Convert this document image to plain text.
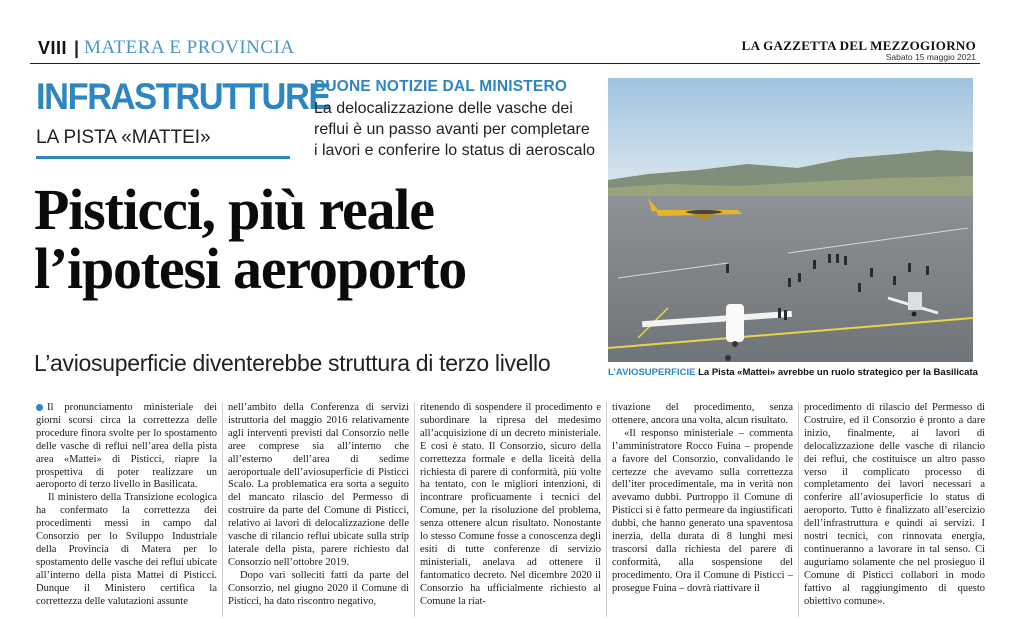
VIII | MATERA E PROVINCIA	LA GAZZETTA DEL MEZZOGIORNO
Sabato 15 maggio 2021
INFRASTRUTTURE
LA PISTA «MATTEI»
BUONE NOTIZIE DAL MINISTERO
La delocalizzazione delle vasche dei
reflui è un passo avanti per completare
i lavori e conferire lo status di aeroscalo
Pisticci, più reale
l’ipotesi aeroporto
L’aviosuperficie diventerebbe struttura di terzo livello	L’AVIOSUPERFICIE La Pista «Mattei» avrebbe un ruolo strategico per la Basilicata

Il pronunciamento ministeriale dei giorni scorsi circa la correttezza delle procedure finora svolte per lo spostamento delle vasche di reflui nell’area della pista area «Mattei» di Pisticci, riapre la prospettiva di poter realizzare un aeroporto di terzo livello in Basilicata.

Il ministero della Transizione ecologica ha confermato la correttezza dei procedimenti messi in campo dal Consorzio per lo Sviluppo Industriale della Provincia di Matera per lo spostamento delle vasche dei reflui ubicate all’interno della pista Mattei di Pisticci. Dunque il Ministero certifica la correttezza delle valutazioni assunte

nell’ambito della Conferenza di servizi istruttoria del maggio 2016 relativamente agli interventi previsti dal Consorzio nelle aree comprese sia all’interno che all’esterno dell’area di sedime aeroportuale dell’aviosuperficie di Pisticci Scalo. La problematica era sorta a seguito del mancato rilascio del Permesso di costruire da parte del Comune di Pisticci, relativo ai lavori di delocalizzazione delle vasche di rilancio reflui ubicate sulla strip laterale della pista, parere richiesto dal Consorzio nell’ottobre 2019.

Dopo vari solleciti fatti da parte del Consorzio, nel giugno 2020 il Comune di Pisticci, ha dato riscontro negativo,

ritenendo di sospendere il procedimento e subordinare la ripresa del medesimo all’acquisizione di un decreto ministeriale. E così è stato. Il Consorzio, sicuro della correttezza formale e della liceità della richiesta di parere di conformità, più volte ha tentato, con le migliori intenzioni, di incontrare proficuamente i tecnici del Comune, per la risoluzione del problema, senza ottenere alcun risultato. Nonostante lo stesso Comune fosse a conoscenza degli esiti di tutte conferenze di servizio ministeriali, anelava ad ottenere il fantomatico decreto. Nel dicembre 2020 il Consorzio ha ufficialmente richiesto al Comune la riat-

tivazione del procedimento, senza ottenere, ancora una volta, alcun risultato.

«Il responso ministeriale – commenta l’amministratore Rocco Fuina – propende a favore del Consorzio, convalidando le certezze che avevamo sulla correttezza dell’iter procedimentale, ma in verità non avevamo dubbi. Purtroppo il Comune di Pisticci si è fatto permeare da ingiustificati dubbi, che hanno generato una spaventosa inerzia, della durata di 8 lunghi mesi trascorsi dalla richiesta del parere di conformità, alla sospensione del procedimento. Ora il Comune di Pisticci – prosegue Fuina – dovrà riattivare il

procedimento di rilascio del Permesso di Costruire, ed il Consorzio è pronto a dare inizio, finalmente, ai lavori di delocalizzazione delle vasche di rilancio dei reflui, che costituisce un altro passo verso il complicato processo di completamento dei lavori necessari a conferire all’aviosuperficie lo status di aeroporto. Tutto è finalizzato all’esercizio dell’infrastruttura e quindi ai servizi. I nostri tecnici, con rinnovata energia, continueranno a lavorare in tal senso. Ci auguriamo solamente che nel prosieguo il Comune di Pisticci collabori in modo fattivo al raggiungimento di questo obiettivo comune».
